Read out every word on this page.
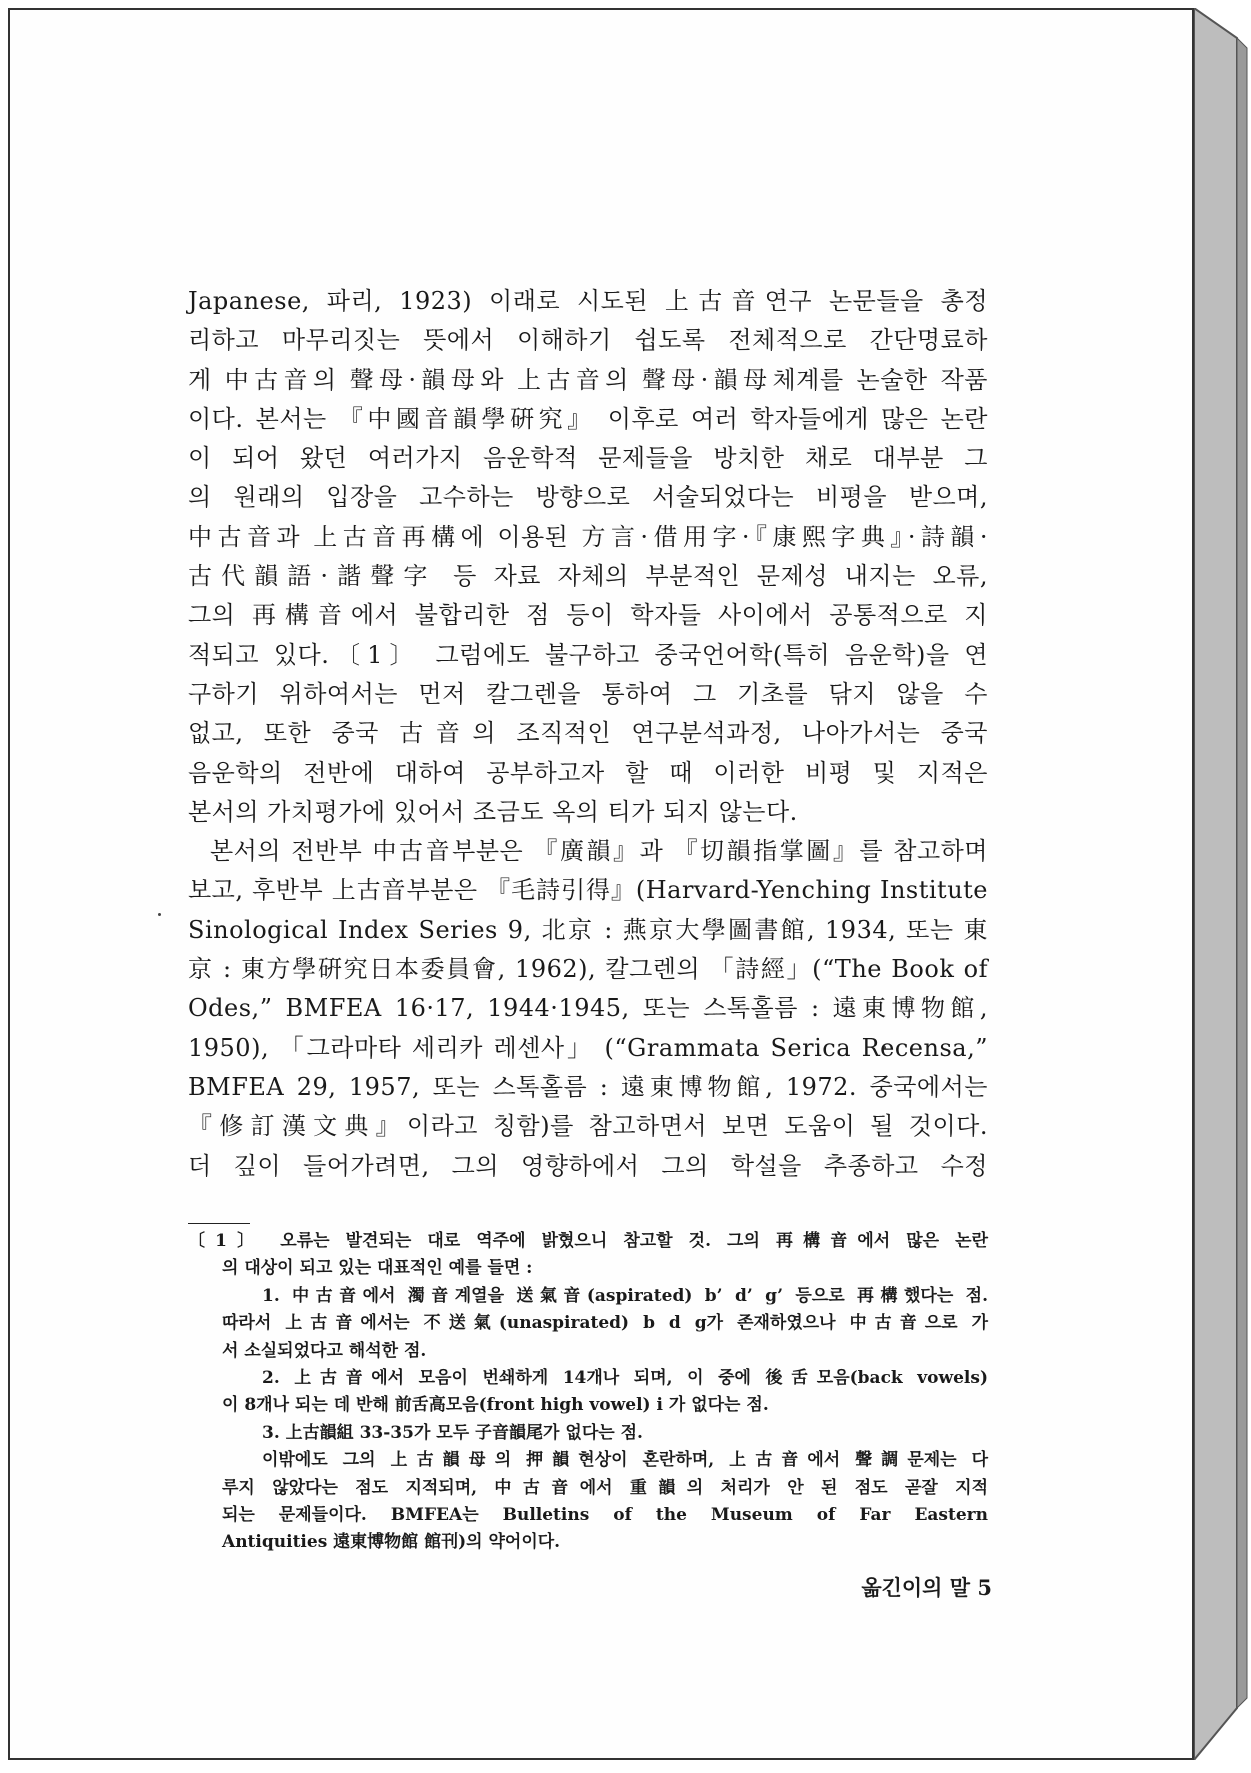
Japanese, 파리, 1923) 이래로 시도된 上古音연구 논문들을 총정
리하고 마무리짓는 뜻에서 이해하기 쉽도록 전체적으로 간단명료하
게 中古音의 聲母·韻母와 上古音의 聲母·韻母체계를 논술한 작품
이다. 본서는 『中國音韻學硏究』 이후로 여러 학자들에게 많은 논란
이 되어 왔던 여러가지 음운학적 문제들을 방치한 채로 대부분 그
의 원래의 입장을 고수하는 방향으로 서술되었다는 비평을 받으며,
中古音과 上古音再構에 이용된 方言·借用字·『康熙字典』·詩韻·
古代韻語·諧聲字 등 자료 자체의 부분적인 문제성 내지는 오류,
그의 再構音에서 불합리한 점 등이 학자들 사이에서 공통적으로 지
적되고 있다.〔1〕 그럼에도 불구하고 중국언어학(특히 음운학)을 연
구하기 위하여서는 먼저 칼그렌을 통하여 그 기초를 닦지 않을 수
없고, 또한 중국 古音의 조직적인 연구분석과정, 나아가서는 중국
음운학의 전반에 대하여 공부하고자 할 때 이러한 비평 및 지적은
본서의 가치평가에 있어서 조금도 옥의 티가 되지 않는다.
본서의 전반부 中古音부분은 『廣韻』과 『切韻指掌圖』를 참고하며
보고, 후반부 上古音부분은 『毛詩引得』(Harvard-Yenching Institute
Sinological Index Series 9, 北京 : 燕京大學圖書館, 1934, 또는 東
京 : 東方學硏究日本委員會, 1962), 칼그렌의 「詩經」(“The Book of
Odes,” BMFEA 16·17, 1944·1945, 또는 스톡홀름 : 遠東博物館,
1950), 「그라마타 세리카 레센사」 (“Grammata Serica Recensa,”
BMFEA 29, 1957, 또는 스톡홀름 : 遠東博物館, 1972. 중국에서는
『修訂漢文典』이라고 칭함)를 참고하면서 보면 도움이 될 것이다.
더 깊이 들어가려면, 그의 영향하에서 그의 학설을 추종하고 수정
〔1〕 오류는 발견되는 대로 역주에 밝혔으니 참고할 것. 그의 再構音에서 많은 논란
의 대상이 되고 있는 대표적인 예를 들면 :
1. 中古音에서 濁音계열을 送氣音(aspirated) b’ d’ g’ 등으로 再構했다는 점.
따라서 上古音에서는 不送氣(unaspirated) b d g가 존재하였으나 中古音으로 가
서 소실되었다고 해석한 점.
2. 上古音에서 모음이 번쇄하게 14개나 되며, 이 중에 後舌모음(back vowels)
이 8개나 되는 데 반해 前舌高모음(front high vowel) i 가 없다는 점.
3. 上古韻組 33-35가 모두 子音韻尾가 없다는 점.
이밖에도 그의 上古韻母의 押韻현상이 혼란하며, 上古音에서 聲調문제는 다
루지 않았다는 점도 지적되며, 中古音에서 重韻의 처리가 안 된 점도 곧잘 지적
되는 문제들이다. BMFEA는 Bulletins of the Museum of Far Eastern
Antiquities 遠東博物館 館刊)의 약어이다.
옮긴이의 말 5
